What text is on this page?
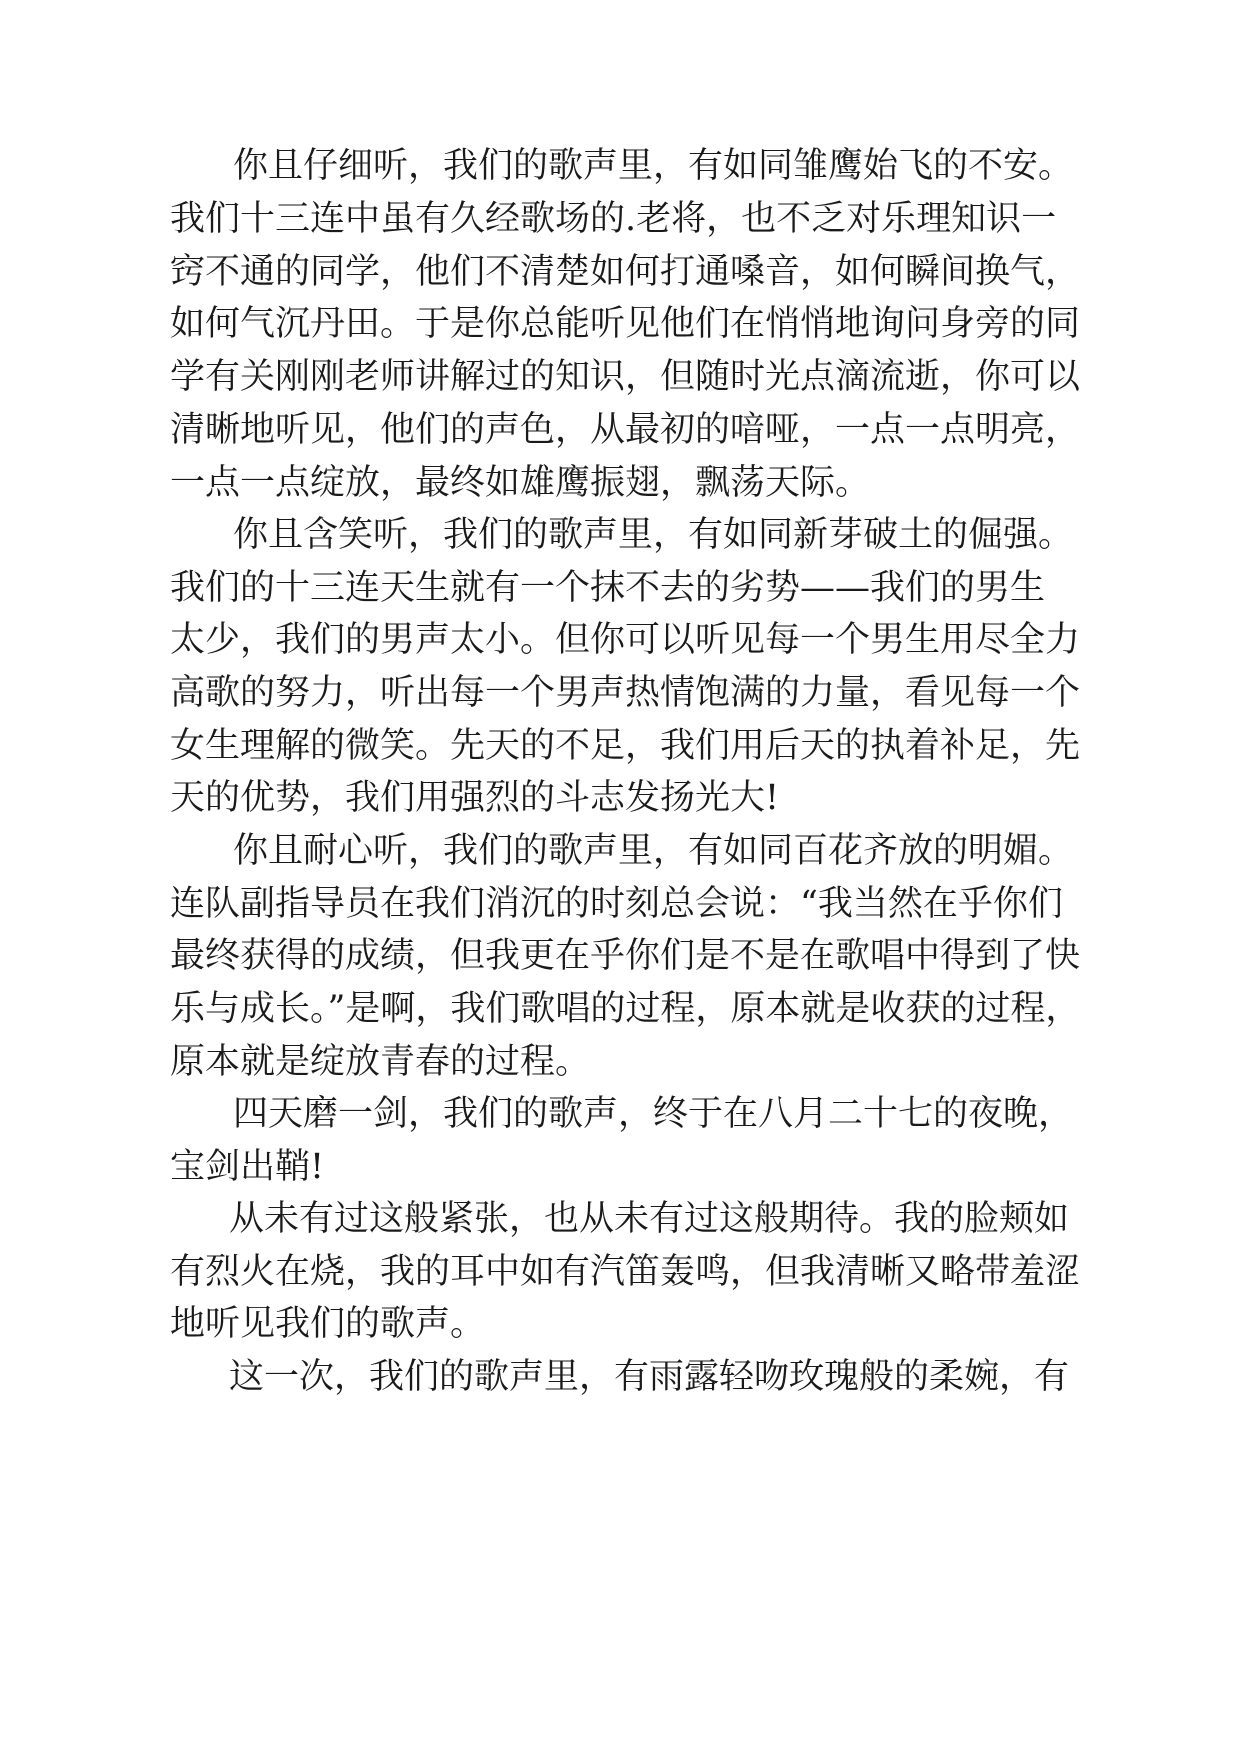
你且仔细听，我们的歌声里，有如同雏鹰始飞的不安。
我们十三连中虽有久经歌场的.老将，也不乏对乐理知识一
窍不通的同学，他们不清楚如何打通嗓音，如何瞬间换气，
如何气沉丹田。于是你总能听见他们在悄悄地询问身旁的同
学有关刚刚老师讲解过的知识，但随时光点滴流逝，你可以
清晰地听见，他们的声色，从最初的喑哑，一点一点明亮，
一点一点绽放，最终如雄鹰振翅，飘荡天际。
你且含笑听，我们的歌声里，有如同新芽破土的倔强。
我们的十三连天生就有一个抹不去的劣势——我们的男生
太少，我们的男声太小。但你可以听见每一个男生用尽全力
高歌的努力，听出每一个男声热情饱满的力量，看见每一个
女生理解的微笑。先天的不足，我们用后天的执着补足，先
天的优势，我们用强烈的斗志发扬光大!
你且耐心听，我们的歌声里，有如同百花齐放的明媚。
连队副指导员在我们消沉的时刻总会说：“我当然在乎你们
最终获得的成绩，但我更在乎你们是不是在歌唱中得到了快
乐与成长。”是啊，我们歌唱的过程，原本就是收获的过程，
原本就是绽放青春的过程。
四天磨一剑，我们的歌声，终于在八月二十七的夜晚，
宝剑出鞘!
从未有过这般紧张，也从未有过这般期待。我的脸颊如
有烈火在烧，我的耳中如有汽笛轰鸣，但我清晰又略带羞涩
地听见我们的歌声。
这一次，我们的歌声里，有雨露轻吻玫瑰般的柔婉，有
